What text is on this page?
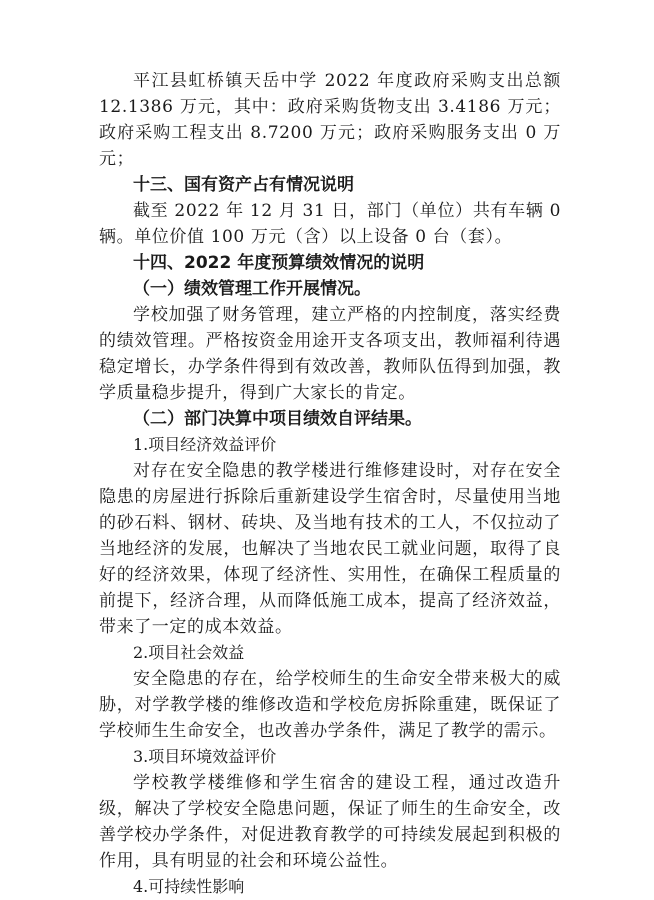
平江县虹桥镇天岳中学 2022 年度政府采购支出总额 12.1386 万元，其中：政府采购货物支出 3.4186 万元；政府采购工程支出 8.7200 万元；政府采购服务支出 0 万元；

十三、国有资产占有情况说明

截至 2022 年 12 月 31 日，部门（单位）共有车辆 0 辆。单位价值 100 万元（含）以上设备 0 台（套）。

十四、2022 年度预算绩效情况的说明

（一）绩效管理工作开展情况。

学校加强了财务管理，建立严格的内控制度，落实经费的绩效管理。严格按资金用途开支各项支出，教师福利待遇稳定增长，办学条件得到有效改善，教师队伍得到加强，教学质量稳步提升，得到广大家长的肯定。

（二）部门决算中项目绩效自评结果。

1.项目经济效益评价

对存在安全隐患的教学楼进行维修建设时，对存在安全隐患的房屋进行拆除后重新建设学生宿舍时，尽量使用当地的砂石料、钢材、砖块、及当地有技术的工人，不仅拉动了当地经济的发展，也解决了当地农民工就业问题，取得了良好的经济效果，体现了经济性、实用性，在确保工程质量的前提下，经济合理，从而降低施工成本，提高了经济效益，带来了一定的成本效益。

2.项目社会效益

安全隐患的存在，给学校师生的生命安全带来极大的威胁，对学教学楼的维修改造和学校危房拆除重建，既保证了学校师生生命安全，也改善办学条件，满足了教学的需示。

3.项目环境效益评价

学校教学楼维修和学生宿舍的建设工程，通过改造升级，解决了学校安全隐患问题，保证了师生的生命安全，改善学校办学条件，对促进教育教学的可持续发展起到积极的作用，具有明显的社会和环境公益性。

4.可持续性影响
